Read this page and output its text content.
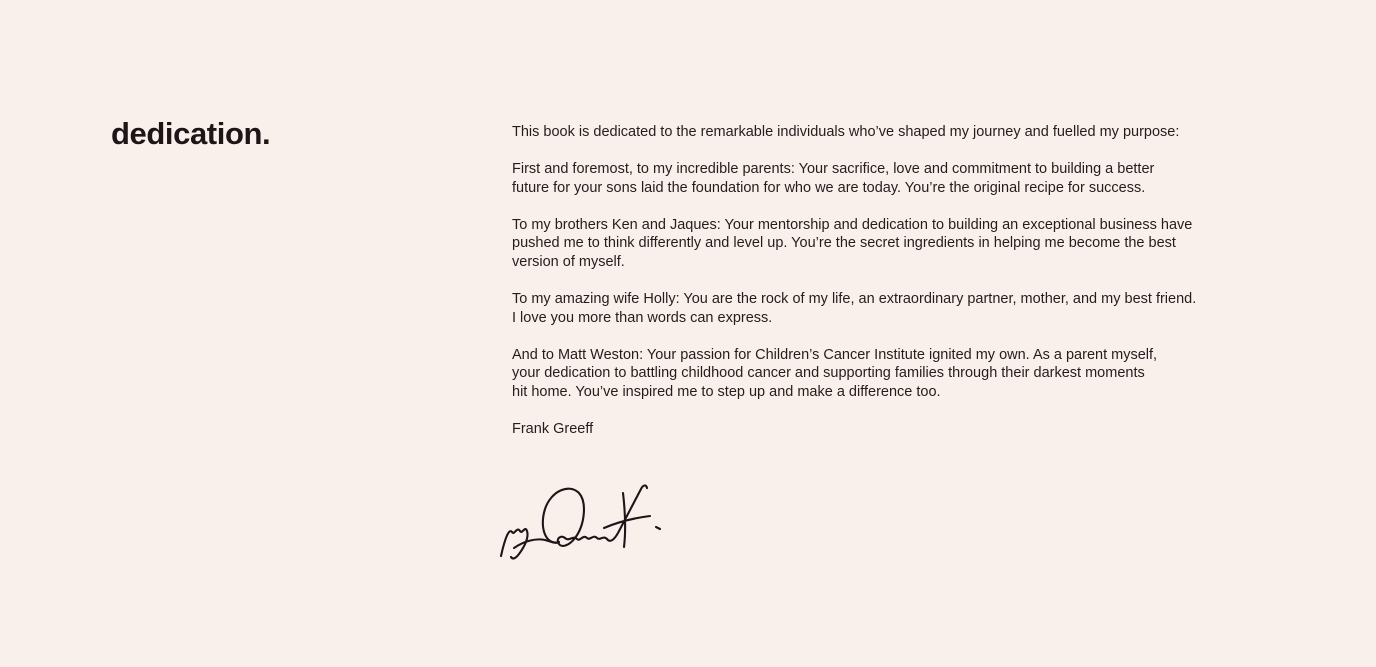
dedication.	This book is dedicated to the remarkable individuals who’ve shaped my journey and fuelled my purpose:

First and foremost, to my incredible parents: Your sacrifice, love and commitment to building a better
future for your sons laid the foundation for who we are today. You’re the original recipe for success.

To my brothers Ken and Jaques: Your mentorship and dedication to building an exceptional business have
pushed me to think differently and level up. You’re the secret ingredients in helping me become the best
version of myself.

To my amazing wife Holly: You are the rock of my life, an extraordinary partner, mother, and my best friend.
I love you more than words can express.

And to Matt Weston: Your passion for Children’s Cancer Institute ignited my own. As a parent myself,
your dedication to battling childhood cancer and supporting families through their darkest moments
hit home. You’ve inspired me to step up and make a difference too.

Frank Greeff
